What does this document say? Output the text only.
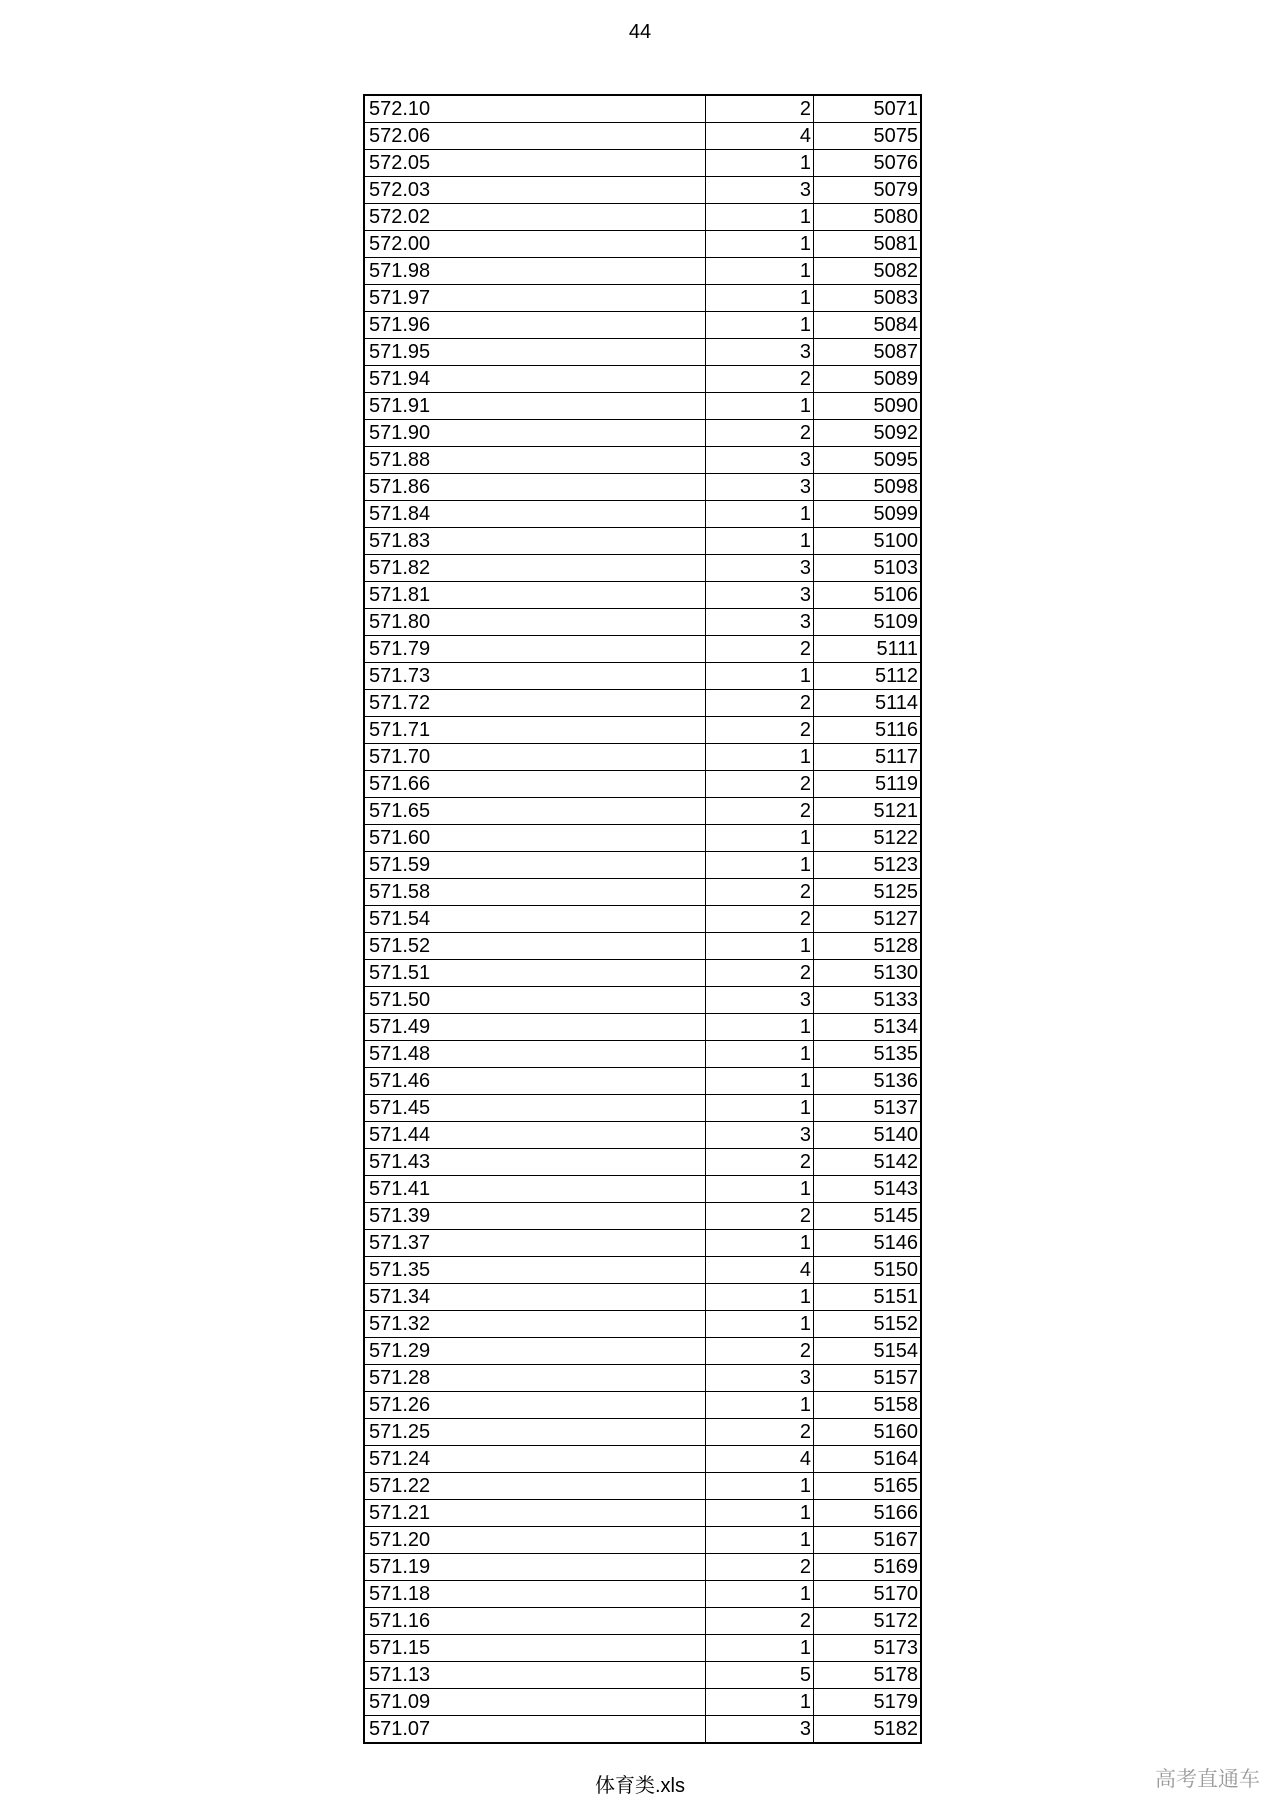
44
572.10	2	5071
572.06	4	5075
572.05	1	5076
572.03	3	5079
572.02	1	5080
572.00	1	5081
571.98	1	5082
571.97	1	5083
571.96	1	5084
571.95	3	5087
571.94	2	5089
571.91	1	5090
571.90	2	5092
571.88	3	5095
571.86	3	5098
571.84	1	5099
571.83	1	5100
571.82	3	5103
571.81	3	5106
571.80	3	5109
571.79	2	5111
571.73	1	5112
571.72	2	5114
571.71	2	5116
571.70	1	5117
571.66	2	5119
571.65	2	5121
571.60	1	5122
571.59	1	5123
571.58	2	5125
571.54	2	5127
571.52	1	5128
571.51	2	5130
571.50	3	5133
571.49	1	5134
571.48	1	5135
571.46	1	5136
571.45	1	5137
571.44	3	5140
571.43	2	5142
571.41	1	5143
571.39	2	5145
571.37	1	5146
571.35	4	5150
571.34	1	5151
571.32	1	5152
571.29	2	5154
571.28	3	5157
571.26	1	5158
571.25	2	5160
571.24	4	5164
571.22	1	5165
571.21	1	5166
571.20	1	5167
571.19	2	5169
571.18	1	5170
571.16	2	5172
571.15	1	5173
571.13	5	5178
571.09	1	5179
571.07	3	5182
体育类.xls	高考直通车
